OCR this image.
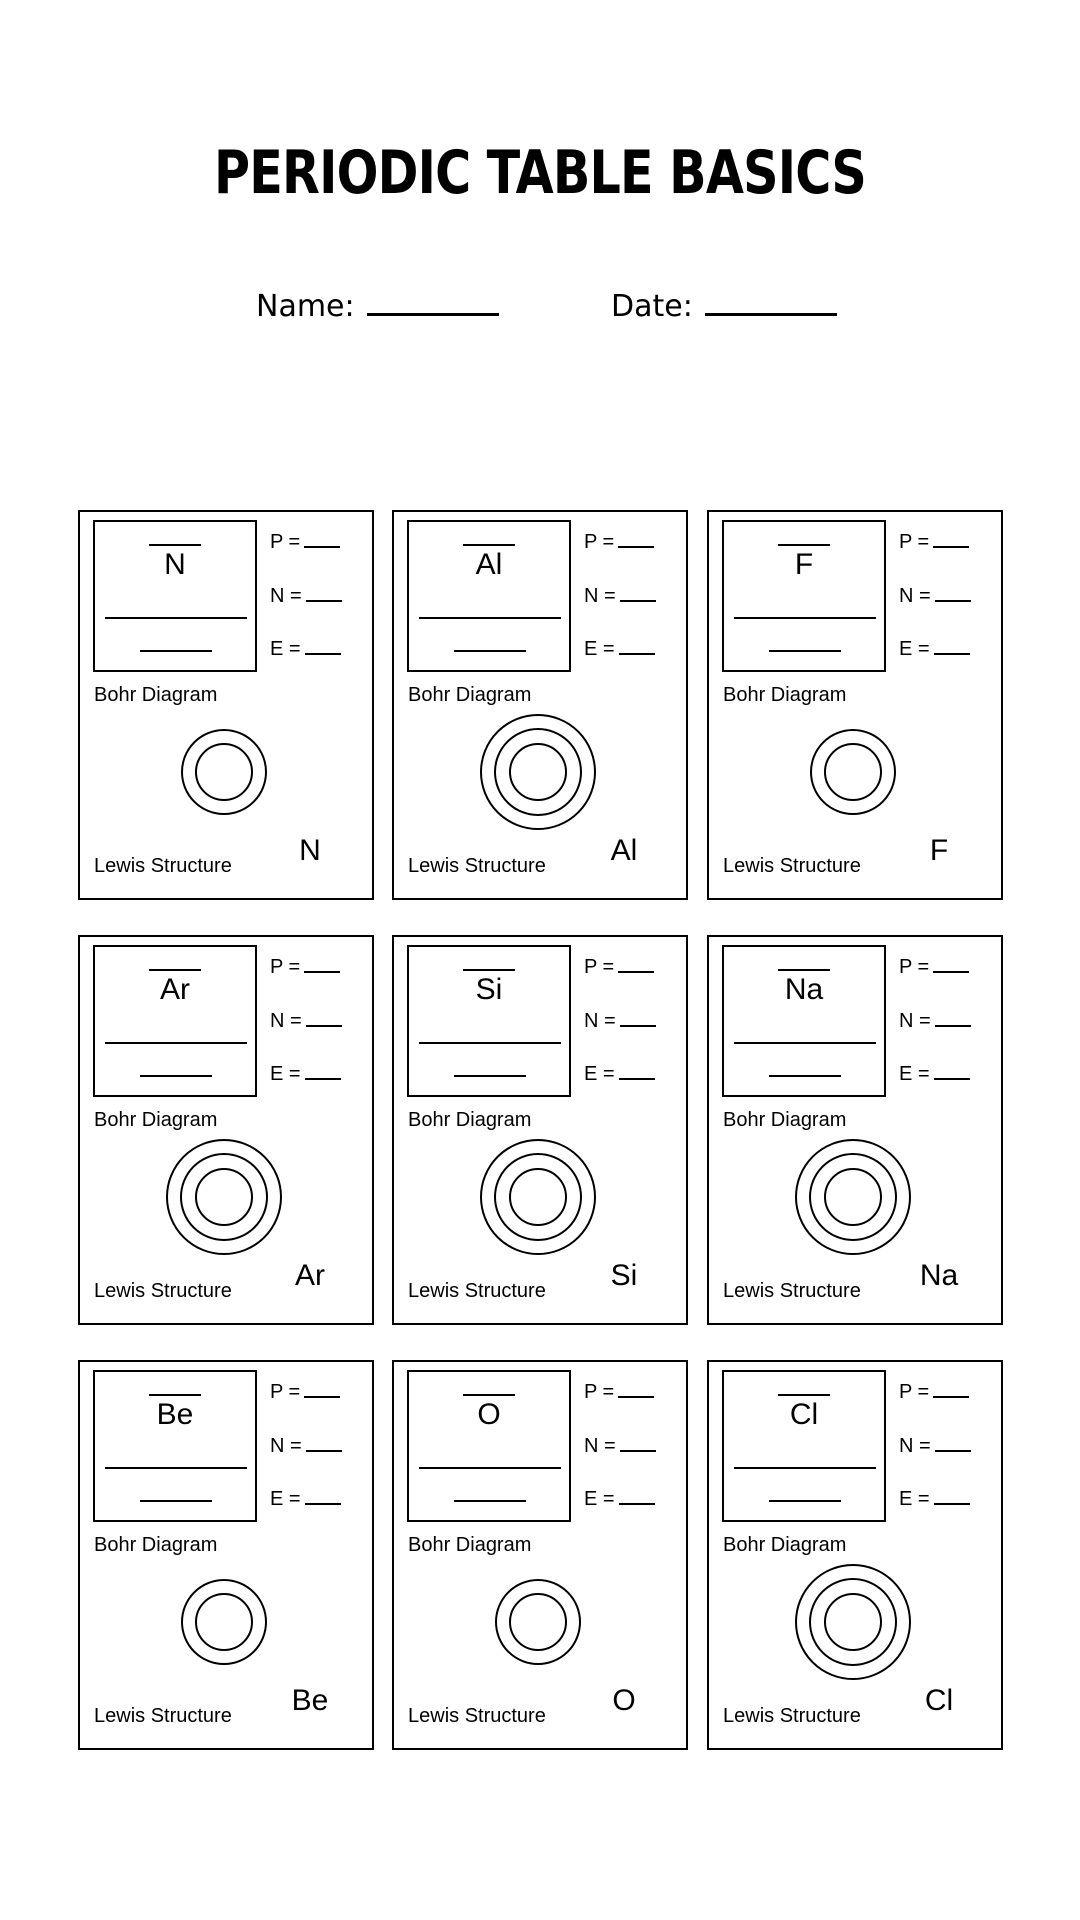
PERIODIC TABLE BASICS
Name:	Date:
N
P =
N =
E =
Bohr Diagram
Lewis Structure	N
Al
P =
N =
E =
Bohr Diagram
Lewis Structure	Al
F
P =
N =
E =
Bohr Diagram
Lewis Structure	F
Ar
P =
N =
E =
Bohr Diagram
Lewis Structure	Ar
Si
P =
N =
E =
Bohr Diagram
Lewis Structure	Si
Na
P =
N =
E =
Bohr Diagram
Lewis Structure	Na
Be
P =
N =
E =
Bohr Diagram
Lewis Structure	Be
O
P =
N =
E =
Bohr Diagram
Lewis Structure	O
Cl
P =
N =
E =
Bohr Diagram
Lewis Structure	Cl
